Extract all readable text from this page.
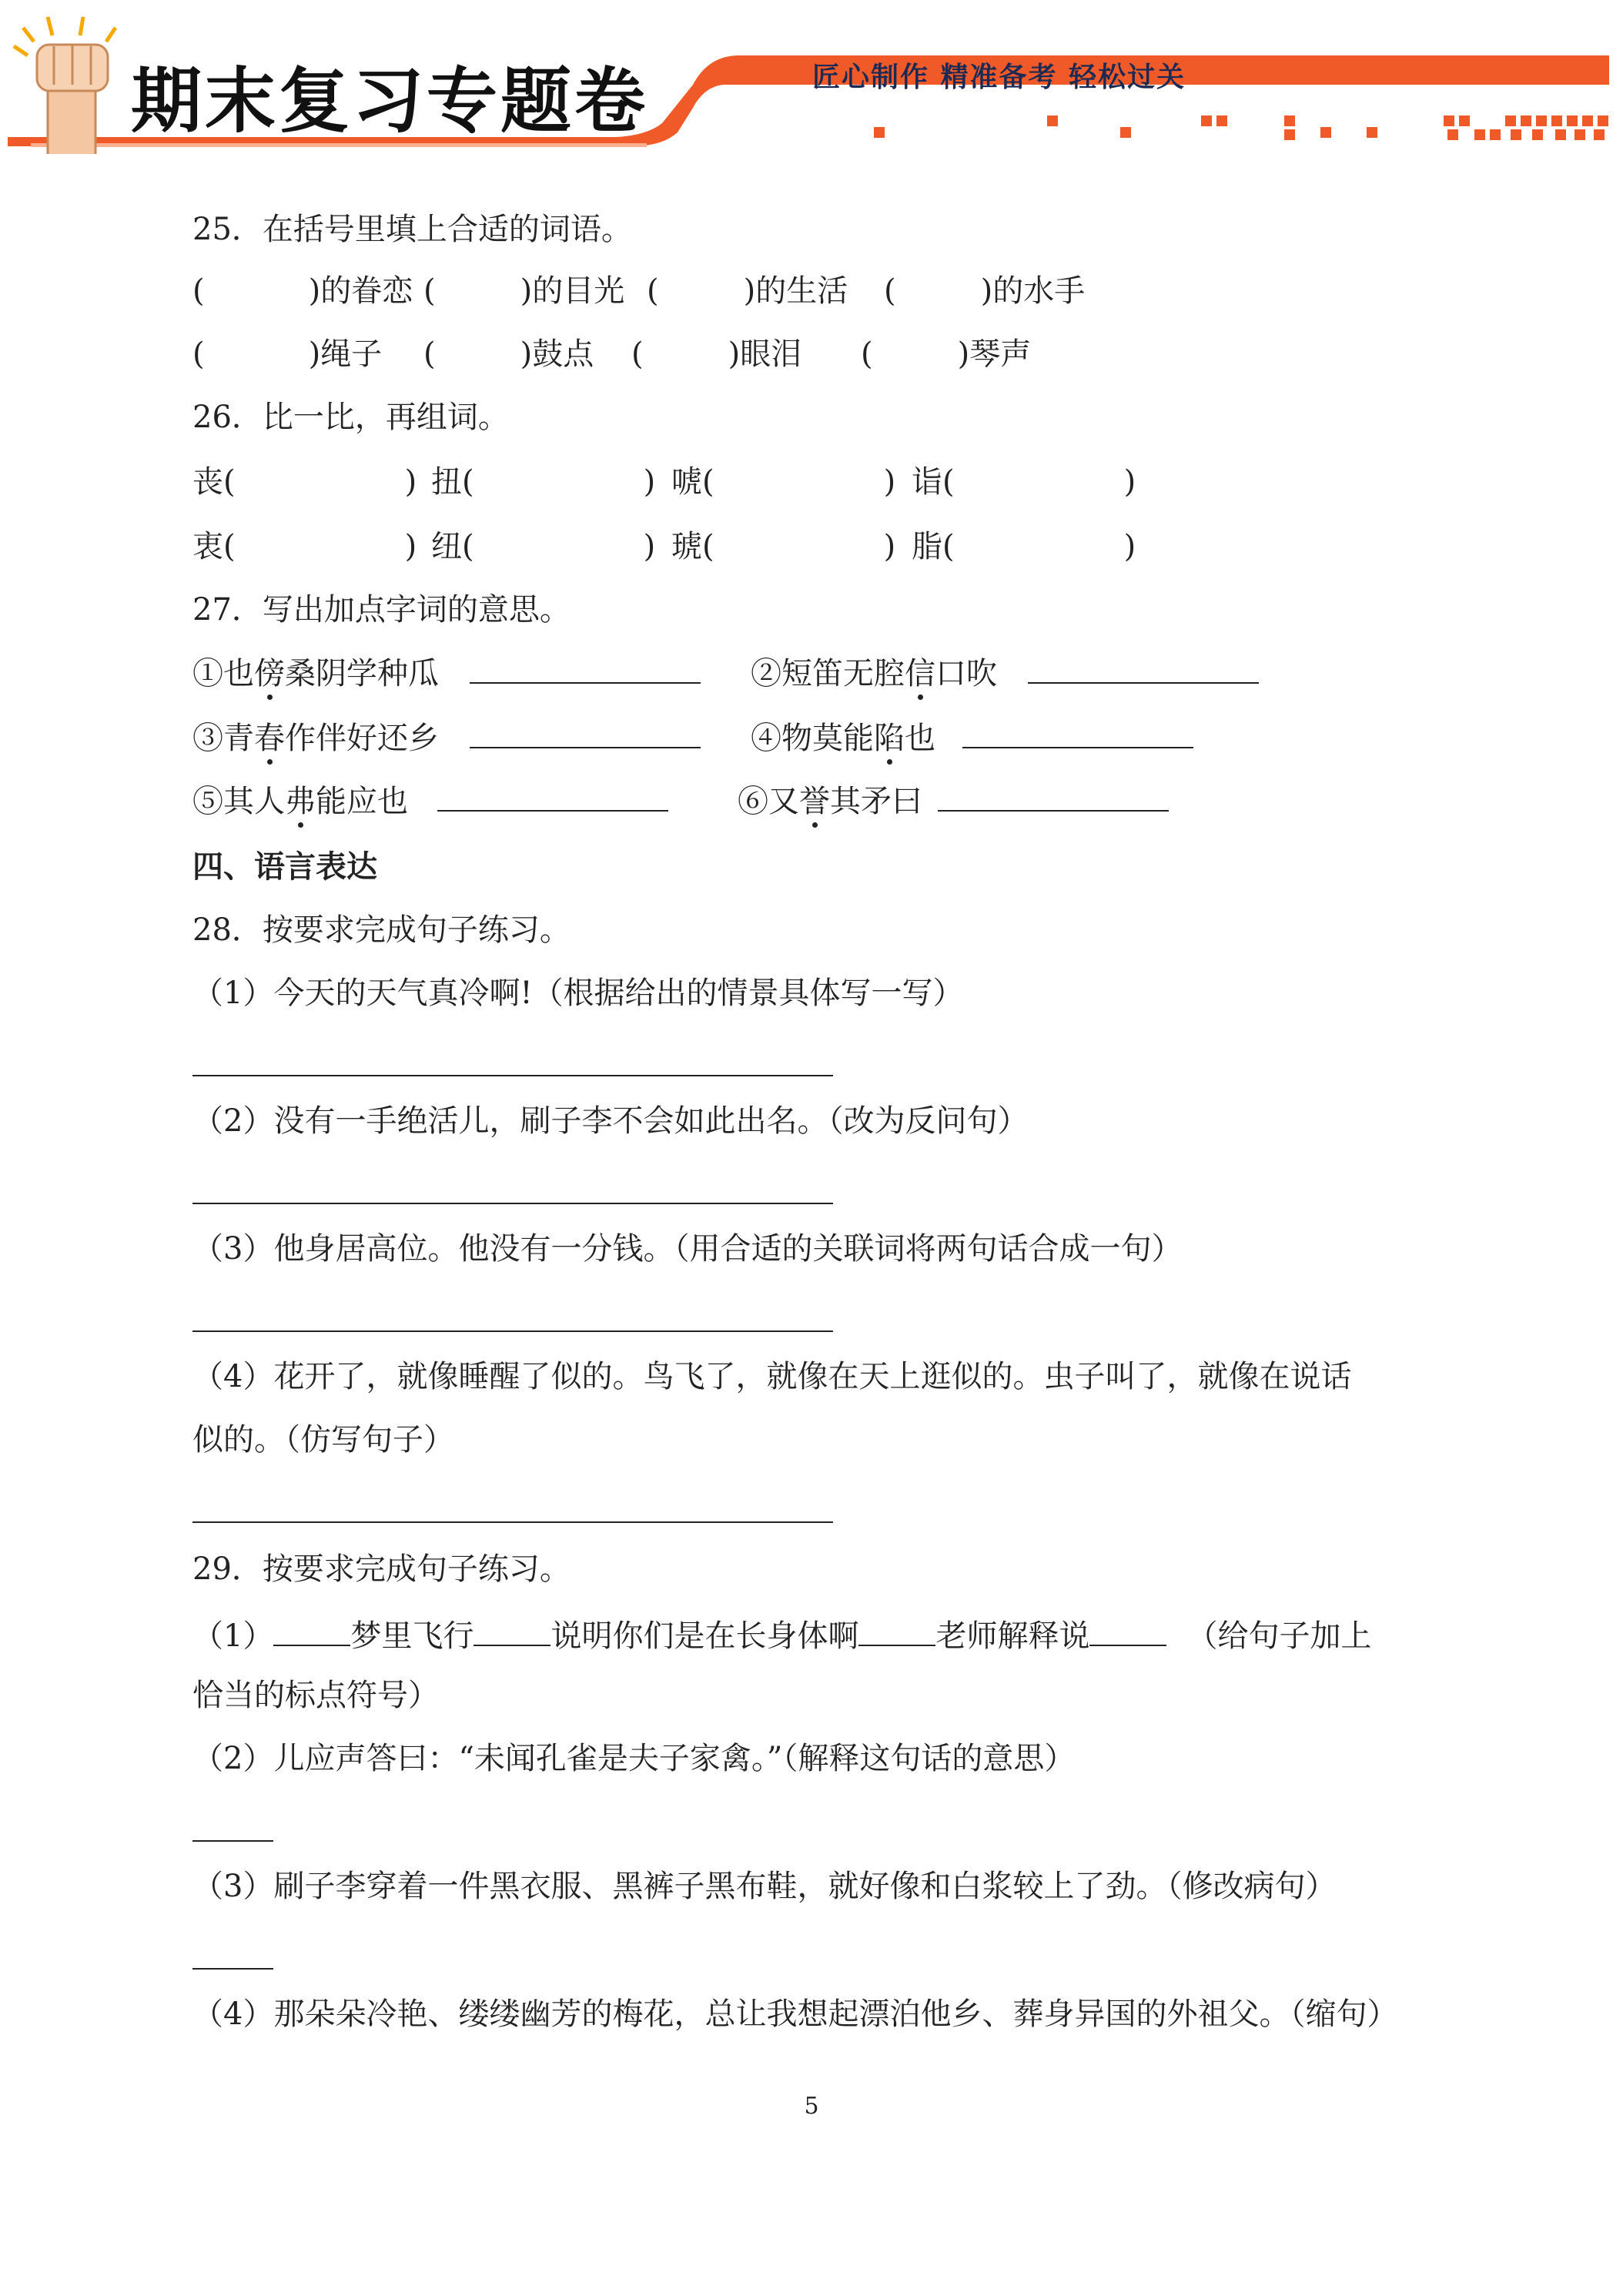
期末复习专题卷	匠心制作 精准备考 轻松过关
25．在括号里填上合适的词语。
(	)的眷恋 (	)的目光 (	)的生活 (	)的水手
(	)绳子 (	)鼓点 (	)眼泪 (	)琴声
26．比一比，再组词。
丧(	) 扭(	) 唬(	) 诣(	)
衷(	) 纽(	) 琥(	) 脂(	)
27．写出加点字词的意思。
①也傍桑阴学种瓜	②短笛无腔信口吹
③青春作伴好还乡	④物莫能陷也
⑤其人弗能应也	⑥又誉其矛曰
四、语言表达
28．按要求完成句子练习。
（1）今天的天气真冷啊!（根据给出的情景具体写一写）
（2）没有一手绝活儿，刷子李不会如此出名。（改为反问句）
（3）他身居高位。他没有一分钱。（用合适的关联词将两句话合成一句）
（4）花开了，就像睡醒了似的。鸟飞了，就像在天上逛似的。虫子叫了，就像在说话
似的。（仿写句子）
29．按要求完成句子练习。
（1）	梦里飞行	说明你们是在长身体啊	老师解释说	（给句子加上
恰当的标点符号）
（2）儿应声答曰：“未闻孔雀是夫子家禽。”（解释这句话的意思）
（3）刷子李穿着一件黑衣服、黑裤子黑布鞋，就好像和白浆较上了劲。（修改病句）
（4）那朵朵冷艳、缕缕幽芳的梅花，总让我想起漂泊他乡、葬身异国的外祖父。（缩句）
5
